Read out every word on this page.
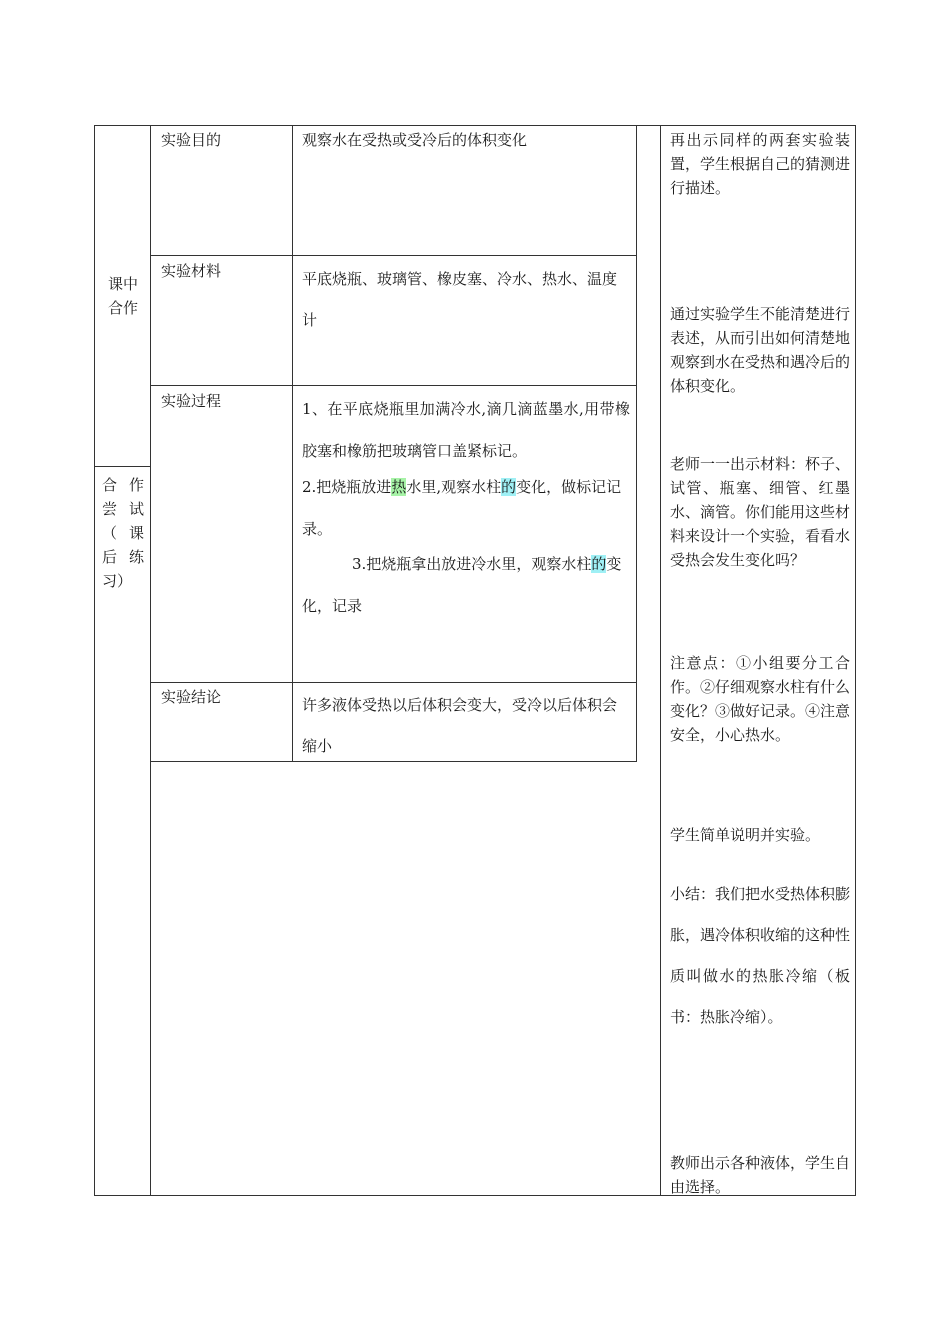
课中合作
合作尝试（课后练习）
实验目的
实验材料
实验过程
实验结论
观察水在受热或受冷后的体积变化
平底烧瓶、玻璃管、橡皮塞、冷水、热水、温度计
1、在平底烧瓶里加满冷水,滴几滴蓝墨水,用带橡胶塞和橡筋把玻璃管口盖紧标记。
2.把烧瓶放进热水里,观察水柱的变化，做标记记录。
3.把烧瓶拿出放进冷水里，观察水柱的变化，记录
许多液体受热以后体积会变大，受冷以后体积会缩小

再出示同样的两套实验装置，学生根据自己的猜测进行描述。

通过实验学生不能清楚进行表述，从而引出如何清楚地观察到水在受热和遇冷后的体积变化。

老师一一出示材料：杯子、试管、瓶塞、细管、红墨水、滴管。你们能用这些材料来设计一个实验，看看水受热会发生变化吗？

注意点：①小组要分工合作。②仔细观察水柱有什么变化？③做好记录。④注意安全，小心热水。

学生简单说明并实验。

小结：我们把水受热体积膨胀，遇冷体积收缩的这种性质叫做水的热胀冷缩（板书：热胀冷缩）。

教师出示各种液体，学生自由选择。
